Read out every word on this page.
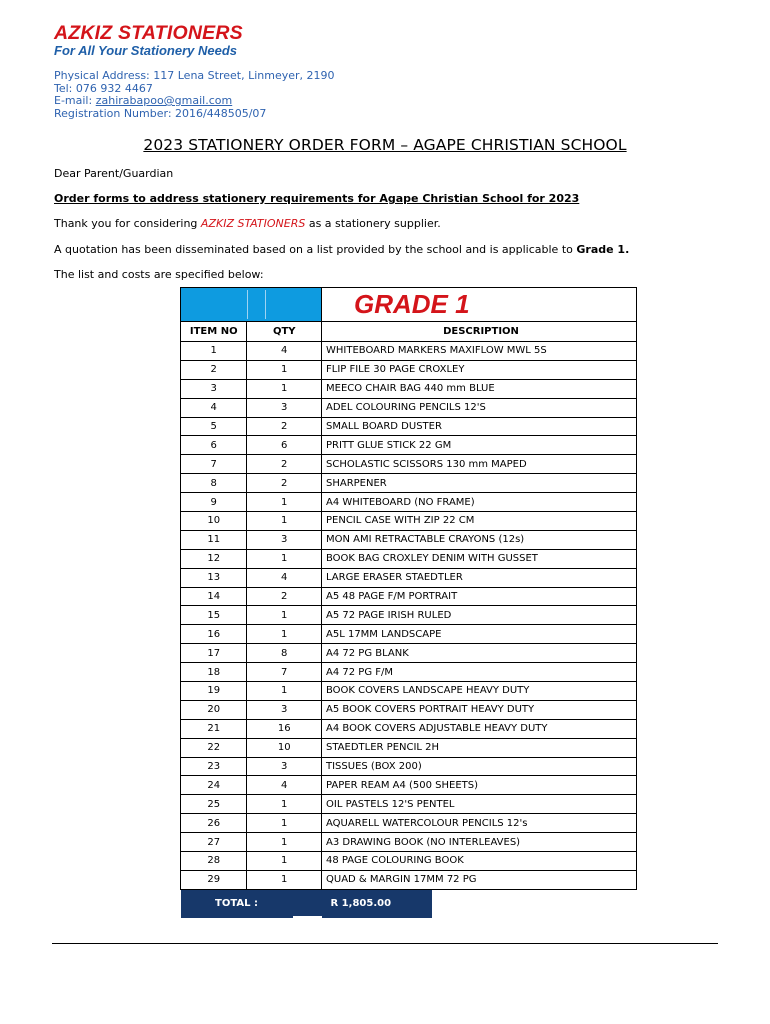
AZKIZ STATIONERS
For All Your Stationery Needs
Physical Address: 117 Lena Street, Linmeyer, 2190
Tel: 076 932 4467
E-mail: zahirabapoo@gmail.com
Registration Number: 2016/448505/07
2023 STATIONERY ORDER FORM – AGAPE CHRISTIAN SCHOOL
Dear Parent/Guardian
Order forms to address stationery requirements for Agape Christian School for 2023
Thank you for considering AZKIZ STATIONERS as a stationery supplier.
A quotation has been disseminated based on a list provided by the school and is applicable to Grade 1.
The list and costs are specified below:
		GRADE 1
ITEM NO	QTY	DESCRIPTION
1	4	WHITEBOARD MARKERS MAXIFLOW MWL 5S
2	1	FLIP FILE 30 PAGE CROXLEY
3	1	MEECO CHAIR BAG 440 mm BLUE
4	3	ADEL COLOURING PENCILS 12'S
5	2	SMALL BOARD DUSTER
6	6	PRITT GLUE STICK 22 GM
7	2	SCHOLASTIC SCISSORS 130 mm MAPED
8	2	SHARPENER
9	1	A4 WHITEBOARD (NO FRAME)
10	1	PENCIL CASE WITH ZIP 22 CM
11	3	MON AMI RETRACTABLE CRAYONS (12s)
12	1	BOOK BAG CROXLEY DENIM WITH GUSSET
13	4	LARGE ERASER STAEDTLER
14	2	A5 48 PAGE F/M PORTRAIT
15	1	A5 72 PAGE IRISH RULED
16	1	A5L 17MM LANDSCAPE
17	8	A4 72 PG BLANK
18	7	A4 72 PG F/M
19	1	BOOK COVERS LANDSCAPE HEAVY DUTY
20	3	A5 BOOK COVERS PORTRAIT HEAVY DUTY
21	16	A4 BOOK COVERS ADJUSTABLE HEAVY DUTY
22	10	STAEDTLER PENCIL 2H
23	3	TISSUES (BOX 200)
24	4	PAPER REAM A4 (500 SHEETS)
25	1	OIL PASTELS 12'S PENTEL
26	1	AQUARELL WATERCOLOUR PENCILS 12's
27	1	A3 DRAWING BOOK (NO INTERLEAVES)
28	1	48 PAGE COLOURING BOOK
29	1	QUAD & MARGIN 17MM 72 PG

TOTAL :		R 1,805.00
